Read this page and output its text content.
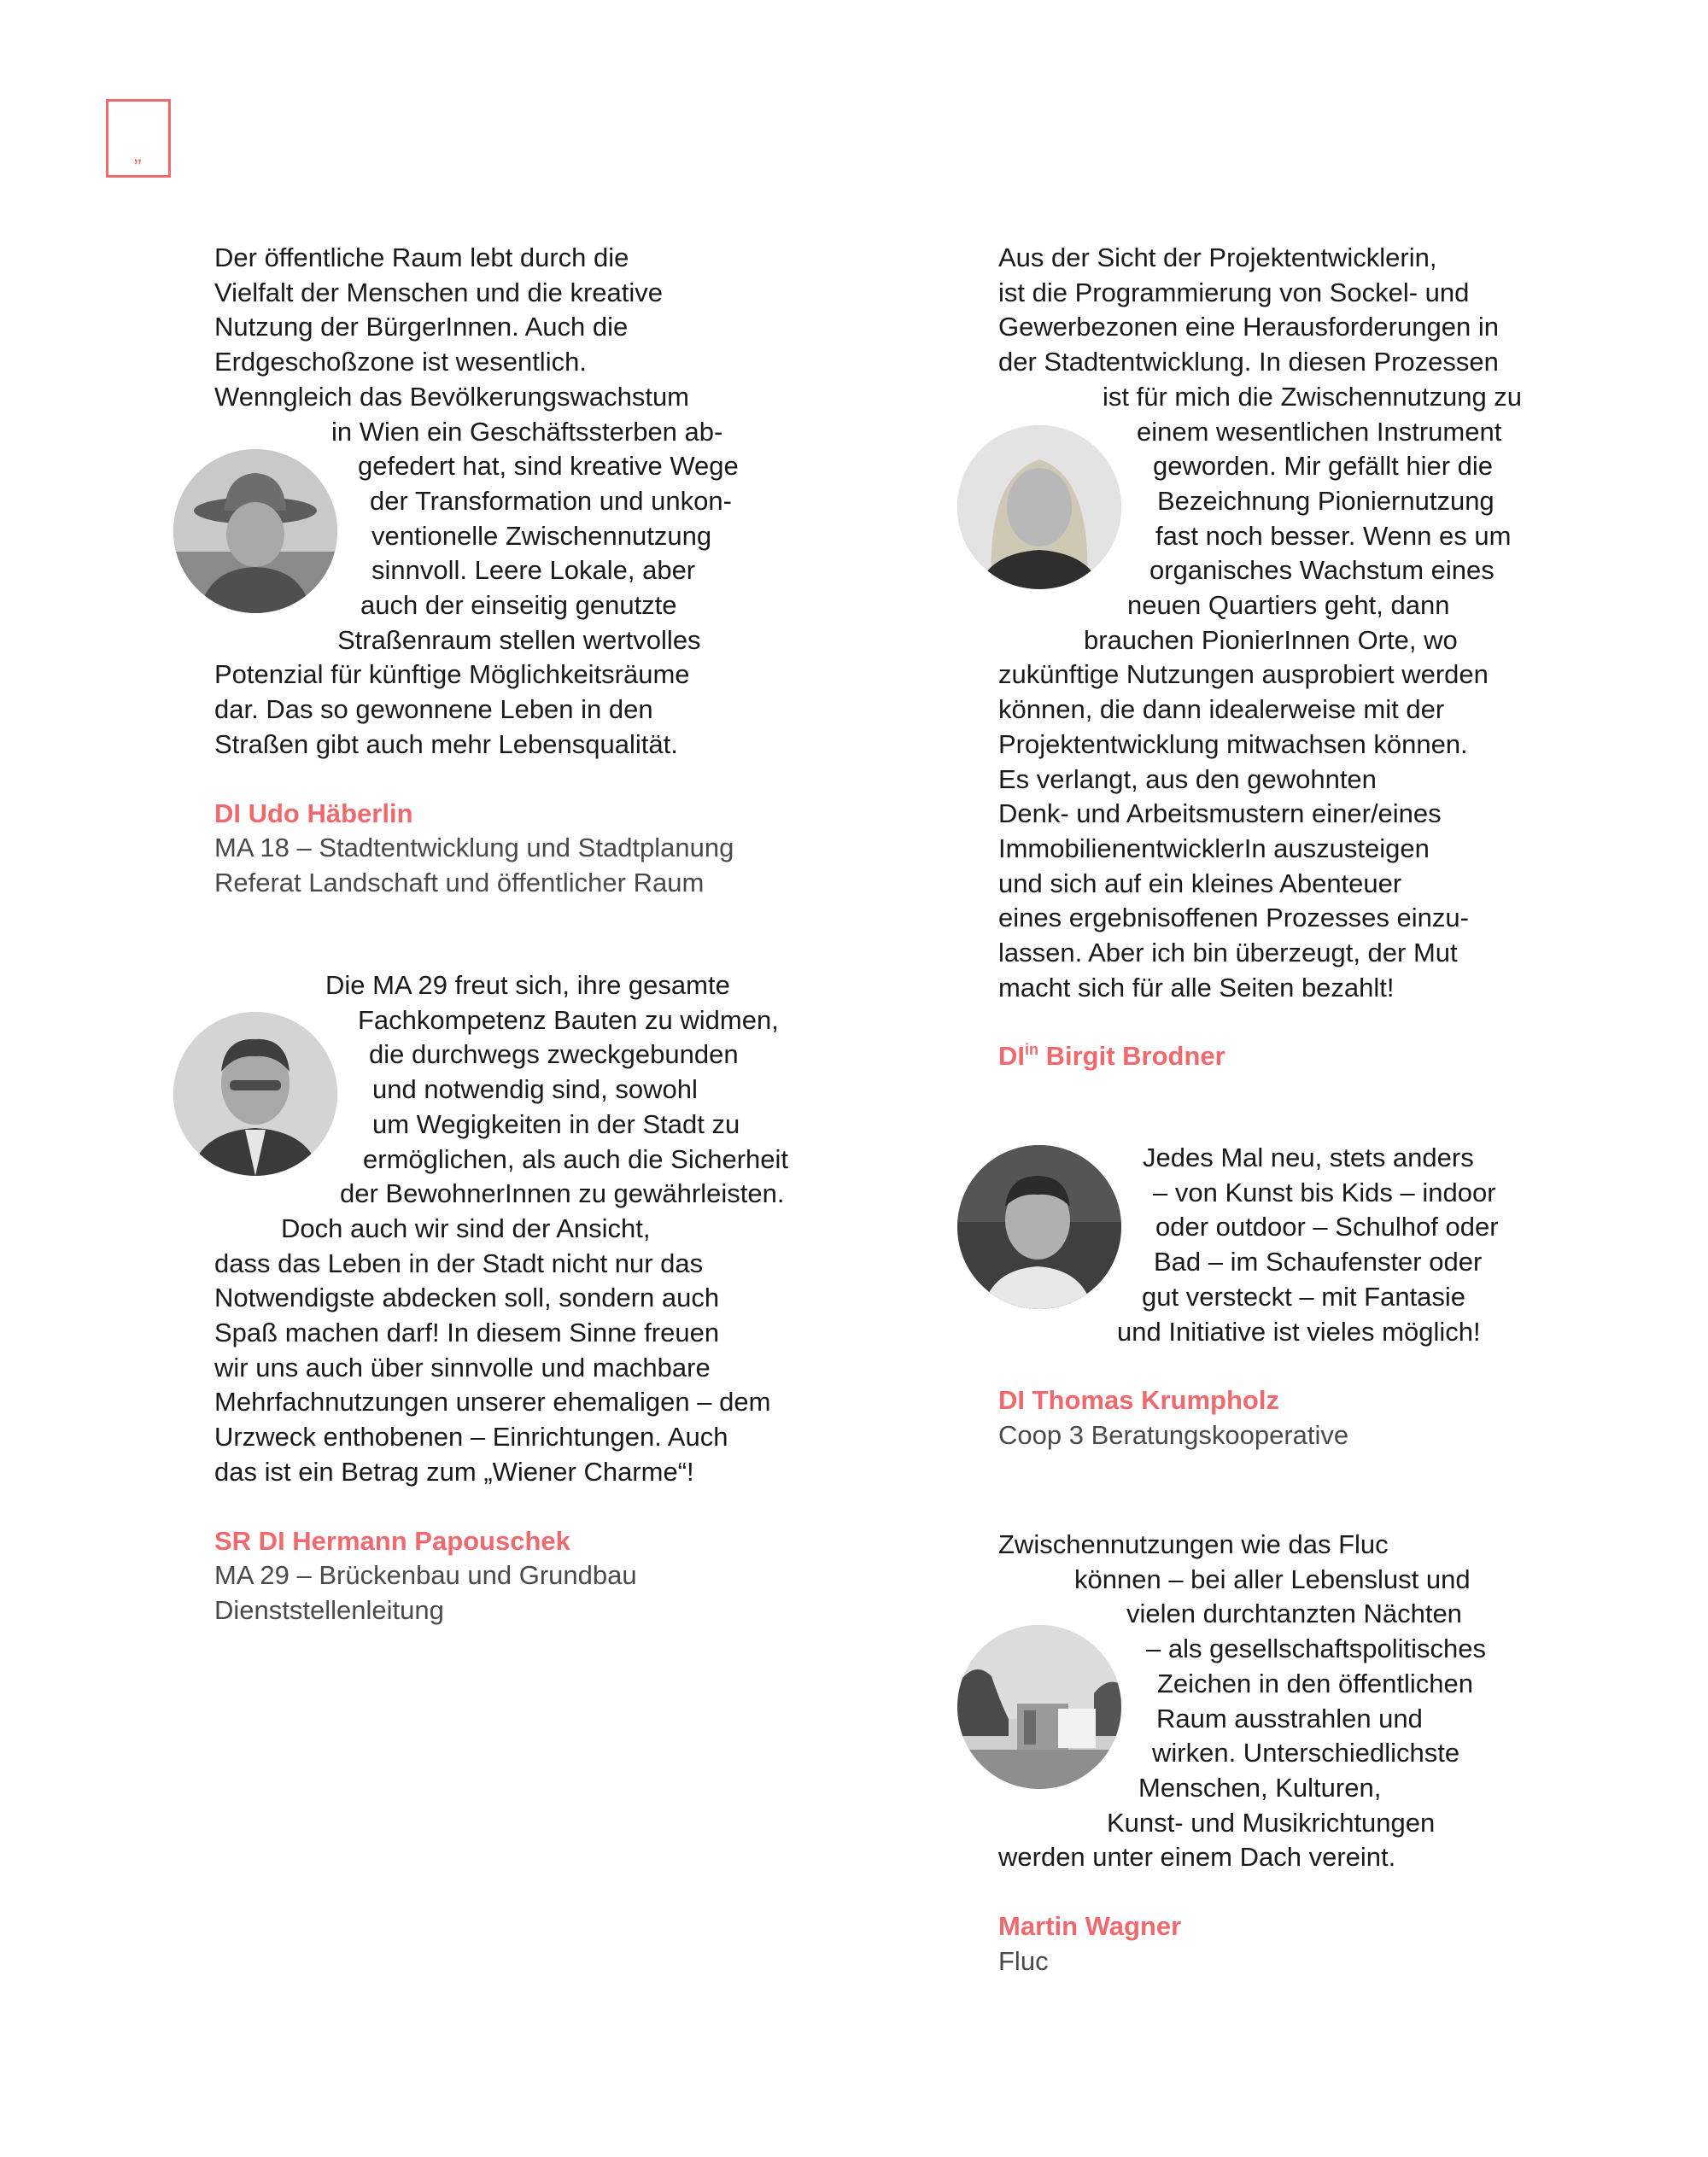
„
Der öffentliche Raum lebt durch die
Vielfalt der Menschen und die kreative
Nutzung der BürgerInnen. Auch die
Erdgeschoßzone ist wesentlich.
Wenngleich das Bevölkerungswachstum
in Wien ein Geschäftssterben ab-
gefedert hat, sind kreative Wege
der Transformation und unkon-
ventionelle Zwischennutzung
sinnvoll. Leere Lokale, aber
auch der einseitig genutzte
Straßenraum stellen wertvolles
Potenzial für künftige Möglichkeitsräume
dar. Das so gewonnene Leben in den
Straßen gibt auch mehr Lebensqualität.
DI Udo Häberlin
MA 18 – Stadtentwicklung und Stadtplanung
Referat Landschaft und öffentlicher Raum
Die MA 29 freut sich, ihre gesamte
Fachkompetenz Bauten zu widmen,
die durchwegs zweckgebunden
und notwendig sind, sowohl
um Wegigkeiten in der Stadt zu
ermöglichen, als auch die Sicherheit
der BewohnerInnen zu gewährleisten.
Doch auch wir sind der Ansicht,
dass das Leben in der Stadt nicht nur das
Notwendigste abdecken soll, sondern auch
Spaß machen darf! In diesem Sinne freuen
wir uns auch über sinnvolle und machbare
Mehrfachnutzungen unserer ehemaligen – dem
Urzweck enthobenen – Einrichtungen. Auch
das ist ein Betrag zum „Wiener Charme“!
SR DI Hermann Papouschek
MA 29 – Brückenbau und Grundbau
Dienststellenleitung
Aus der Sicht der Projektentwicklerin,
ist die Programmierung von Sockel- und
Gewerbezonen eine Herausforderungen in
der Stadtentwicklung. In diesen Prozessen
ist für mich die Zwischennutzung zu
einem wesentlichen Instrument
geworden. Mir gefällt hier die
Bezeichnung Pioniernutzung
fast noch besser. Wenn es um
organisches Wachstum eines
neuen Quartiers geht, dann
brauchen PionierInnen Orte, wo
zukünftige Nutzungen ausprobiert werden
können, die dann idealerweise mit der
Projektentwicklung mitwachsen können.
Es verlangt, aus den gewohnten
Denk- und Arbeitsmustern einer/eines
ImmobilienentwicklerIn auszusteigen
und sich auf ein kleines Abenteuer
eines ergebnisoffenen Prozesses einzu-
lassen. Aber ich bin überzeugt, der Mut
macht sich für alle Seiten bezahlt!
$DI^{in}$ Birgit Brodner
Jedes Mal neu, stets anders
– von Kunst bis Kids – indoor
oder outdoor – Schulhof oder
Bad – im Schaufenster oder
gut versteckt – mit Fantasie
und Initiative ist vieles möglich!
DI Thomas Krumpholz
Coop 3 Beratungskooperative
Zwischennutzungen wie das Fluc
können – bei aller Lebenslust und
vielen durchtanzten Nächten
– als gesellschaftspolitisches
Zeichen in den öffentlichen
Raum ausstrahlen und
wirken. Unterschiedlichste
Menschen, Kulturen,
Kunst- und Musikrichtungen
werden unter einem Dach vereint.
Martin Wagner
Fluc
